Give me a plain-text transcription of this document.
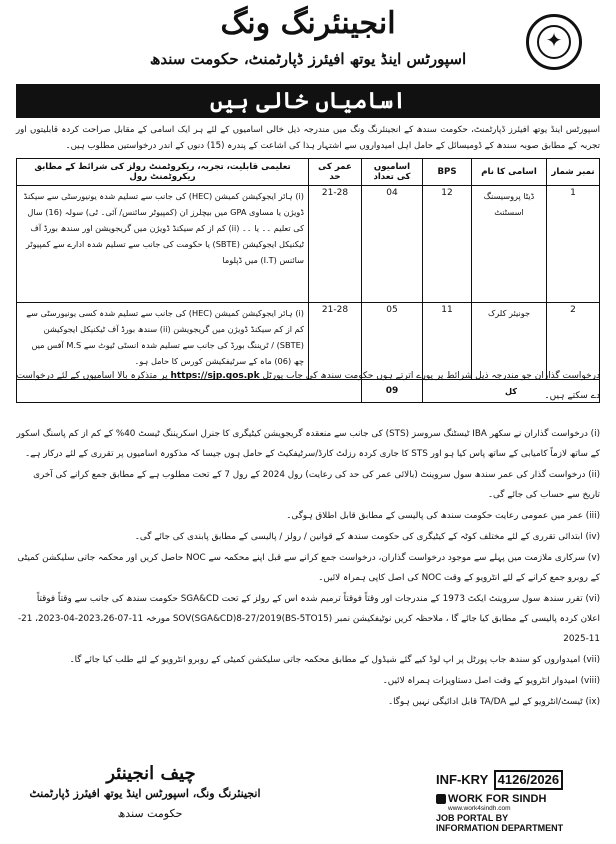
✦
انجینئرنگ ونگ
اسپورٹس اینڈ یوتھ افیئرز ڈپارٹمنٹ، حکومت سندھ
اسامیاں خالی ہیں
اسپورٹس اینڈ یوتھ افیئرز ڈپارٹمنٹ، حکومت سندھ کے انجینئرنگ ونگ میں مندرجہ ذیل خالی اسامیوں کے لئے ہر ایک اسامی کے مقابل صراحت کردہ قابلیتوں اور تجربہ کے مطابق صوبہ سندھ کے ڈومیسائل کے حامل اہل امیدواروں سے اشتہار ہذا کی اشاعت کے پندرہ (15) دنوں کے اندر درخواستیں مطلوب ہیں۔
نمبر شمار	اسامی کا نام	BPS	اسامیوں کی تعداد	عمر کی حد	تعلیمی قابلیت، تجربہ، ریکروٹمنٹ رولز کی شرائط کے مطابق ریکروٹمنٹ رول
1	ڈیٹا پروسیسنگ اسسٹنٹ	12	04	21-28	(i) ہائر ایجوکیشن کمیشن (HEC) کی جانب سے تسلیم شدہ یونیورسٹی سے سیکنڈ ڈویژن یا مساوی GPA میں بیچلرز ان (کمپیوٹر سائنس/ آئی۔ ٹی) سولہ (16) سال کی تعلیم ۔۔ یا ۔۔ (ii) کم از کم سیکنڈ ڈویژن میں گریجویشن اور سندھ بورڈ آف ٹیکنیکل ایجوکیشن (SBTE) یا حکومت کی جانب سے تسلیم شدہ ادارے سے کمپیوٹر سائنس (I.T) میں ڈپلوما
2	جونیئر کلرک	11	05	21-28	(i) ہائر ایجوکیشن کمیشن (HEC) کی جانب سے تسلیم شدہ کسی یونیورسٹی سے کم از کم سیکنڈ ڈویژن میں گریجویشن (ii) سندھ بورڈ آف ٹیکنیکل ایجوکیشن (SBTE) / ٹریننگ بورڈ کی جانب سے تسلیم شدہ انسٹی ٹیوٹ سے M.S آفس میں چھ (06) ماہ کے سرٹیفکیشن کورس کا حامل ہو۔
کل			09		
درخواست گذاران جو مندرجہ ذیل شرائط پر پورے اترتے ہوں حکومت سندھ کی جاب پورٹل https://sjp.gos.pk پر متذکرہ بالا اسامیوں کے لئے درخواست دے سکتے ہیں۔
(i) درخواست گذاران نے سکھر IBA ٹیسٹنگ سروسز (STS) کی جانب سے منعقدہ گریجویشن کیٹیگری کا جنرل اسکریننگ ٹیسٹ 40% کے کم از کم پاسنگ اسکور کے ساتھ لازماً کامیابی کے ساتھ پاس کیا ہو اور STS کا جاری کردہ رزلٹ کارڈ/سرٹیفکیٹ کے حامل ہوں جیسا کہ مذکورہ اسامیوں پر تقرری کے لئے درکار ہے۔
(ii) درخواست گذار کی عمر سندھ سول سروینٹ (بالائی عمر کی حد کی رعایت) رول 2024 کے رول 7 کے تحت مطلوب ہے کے مطابق جمع کرانے کی آخری تاریخ سے حساب کی جائے گی۔
(iii) عمر میں عمومی رعایت حکومت سندھ کی پالیسی کے مطابق قابل اطلاق ہوگی۔
(iv) ابتدائی تقرری کے لئے مختلف کوٹہ کے کیٹیگری کی حکومت سندھ کے قوانین / رولز / پالیسی کے مطابق پابندی کی جائے گی۔
(v) سرکاری ملازمت میں پہلے سے موجود درخواست گذاران، درخواست جمع کرانے سے قبل اپنے محکمہ سے NOC حاصل کریں اور محکمہ جاتی سلیکشن کمیٹی کے روبرو جمع کرانے کے لئے انٹرویو کے وقت NOC کی اصل کاپی ہمراہ لائیں۔
(vi) تقرر سندھ سول سروینٹ ایکٹ 1973 کے مندرجات اور وقتاً فوقتاً ترمیم شدہ اس کے رولز کے تحت SGA&CD حکومت سندھ کی جانب سے وقتاً فوقتاً اعلان کردہ پالیسی کے مطابق کیا جائے گا ، ملاحظہ کریں نوٹیفکیشن نمبر SOV(SGA&CD)8-27/2019(BS-5TO15) مورخہ 11-07-2023،26-04-2023، 21-11-2025
(vii) امیدواروں کو سندھ جاب پورٹل پر اپ لوڈ کیے گئے شیڈول کے مطابق محکمہ جاتی سلیکشن کمیٹی کے روبرو انٹرویو کے لئے طلب کیا جائے گا۔
(viii) امیدوار انٹرویو کے وقت اصل دستاویزات ہمراہ لائیں۔
(ix) ٹیسٹ/انٹرویو کے لیے TA/DA قابل ادائیگی نہیں ہوگا۔
چیف انجینئر
انجینئرنگ ونگ، اسپورٹس اینڈ یوتھ افیئرز ڈپارٹمنٹ
حکومت سندھ
INF-KRY 4126/2026
WORK FOR SINDH
www.work4sindh.com
JOB PORTAL BY
INFORMATION DEPARTMENT
